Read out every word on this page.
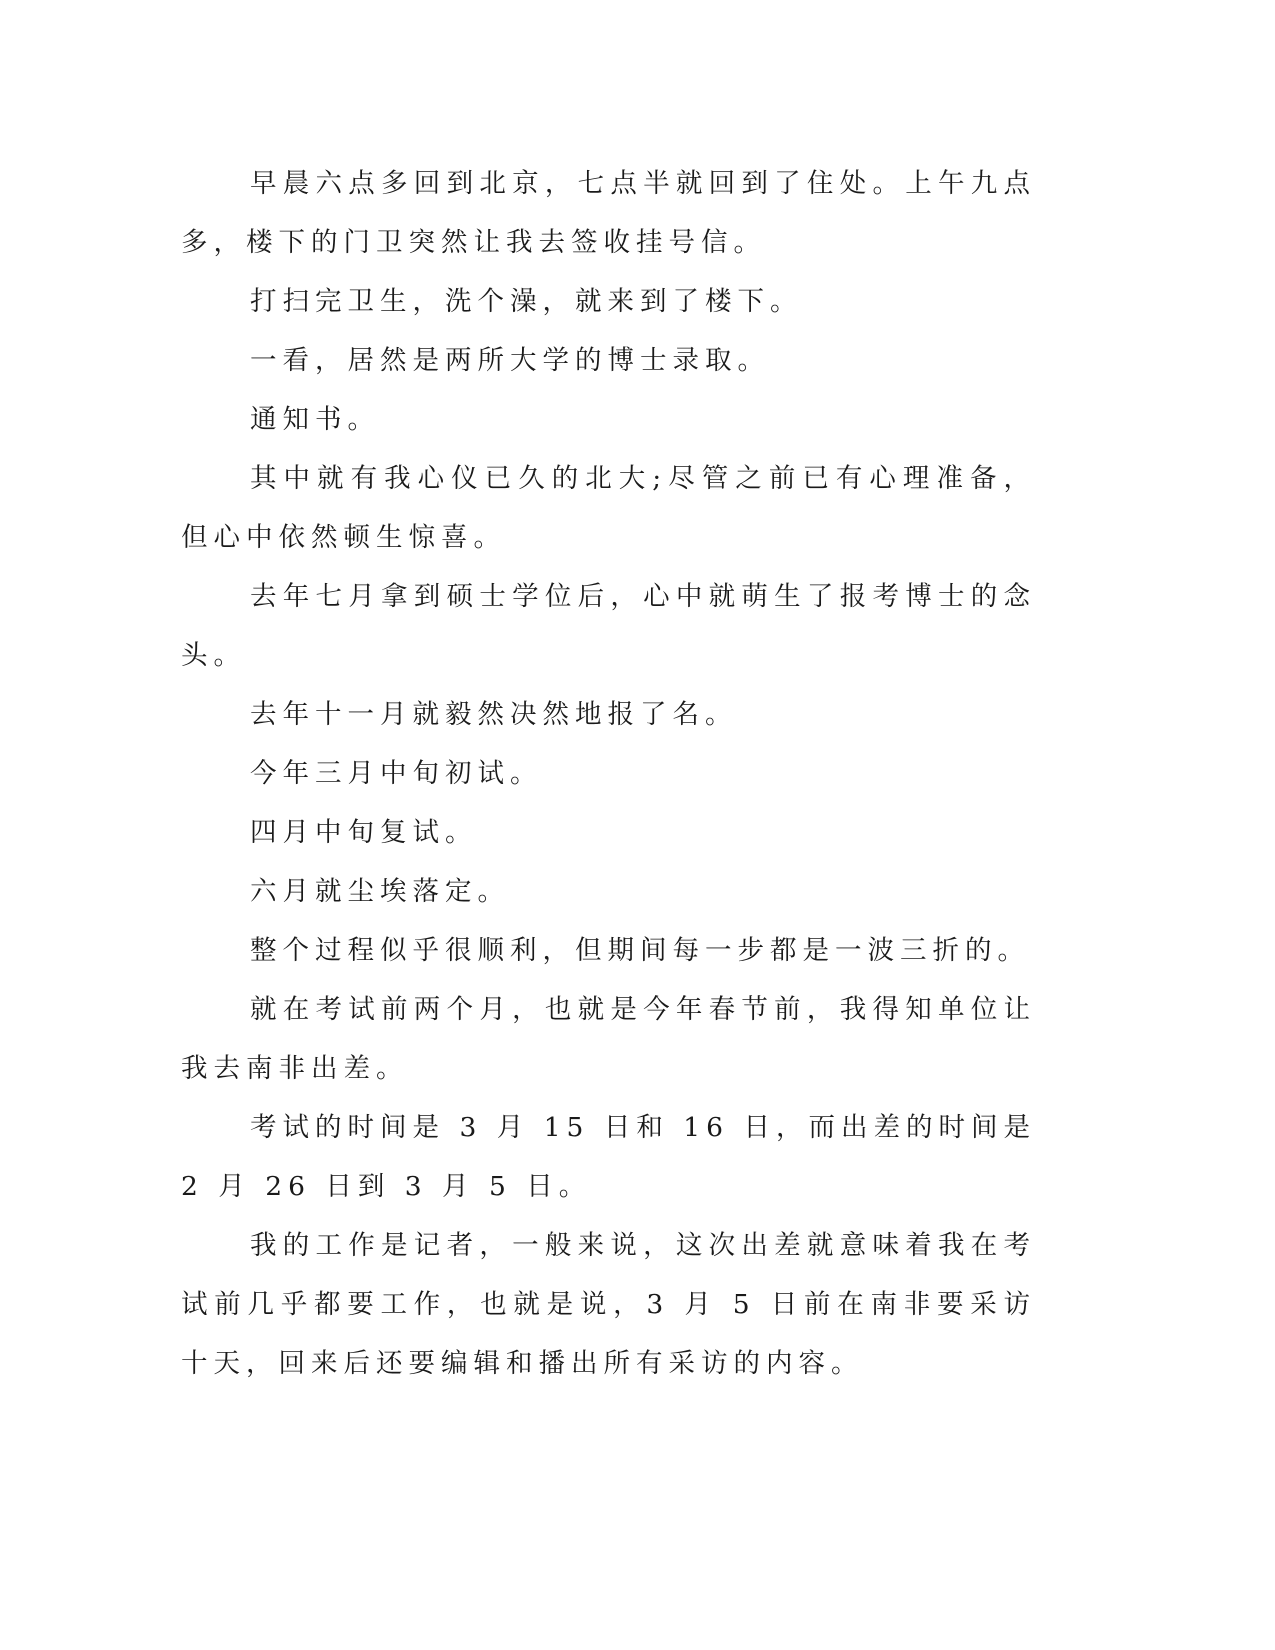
早晨六点多回到北京，七点半就回到了住处。上午九点多，楼下的门卫突然让我去签收挂号信。

打扫完卫生，洗个澡，就来到了楼下。

一看，居然是两所大学的博士录取。

通知书。

其中就有我心仪已久的北大;尽管之前已有心理准备，但心中依然顿生惊喜。

去年七月拿到硕士学位后，心中就萌生了报考博士的念头。

去年十一月就毅然决然地报了名。

今年三月中旬初试。

四月中旬复试。

六月就尘埃落定。

整个过程似乎很顺利，但期间每一步都是一波三折的。

就在考试前两个月，也就是今年春节前，我得知单位让我去南非出差。

考试的时间是 3 月 15 日和 16 日，而出差的时间是 2 月 26 日到 3 月 5 日。

我的工作是记者，一般来说，这次出差就意味着我在考试前几乎都要工作，也就是说，3 月 5 日前在南非要采访十天，回来后还要编辑和播出所有采访的内容。
